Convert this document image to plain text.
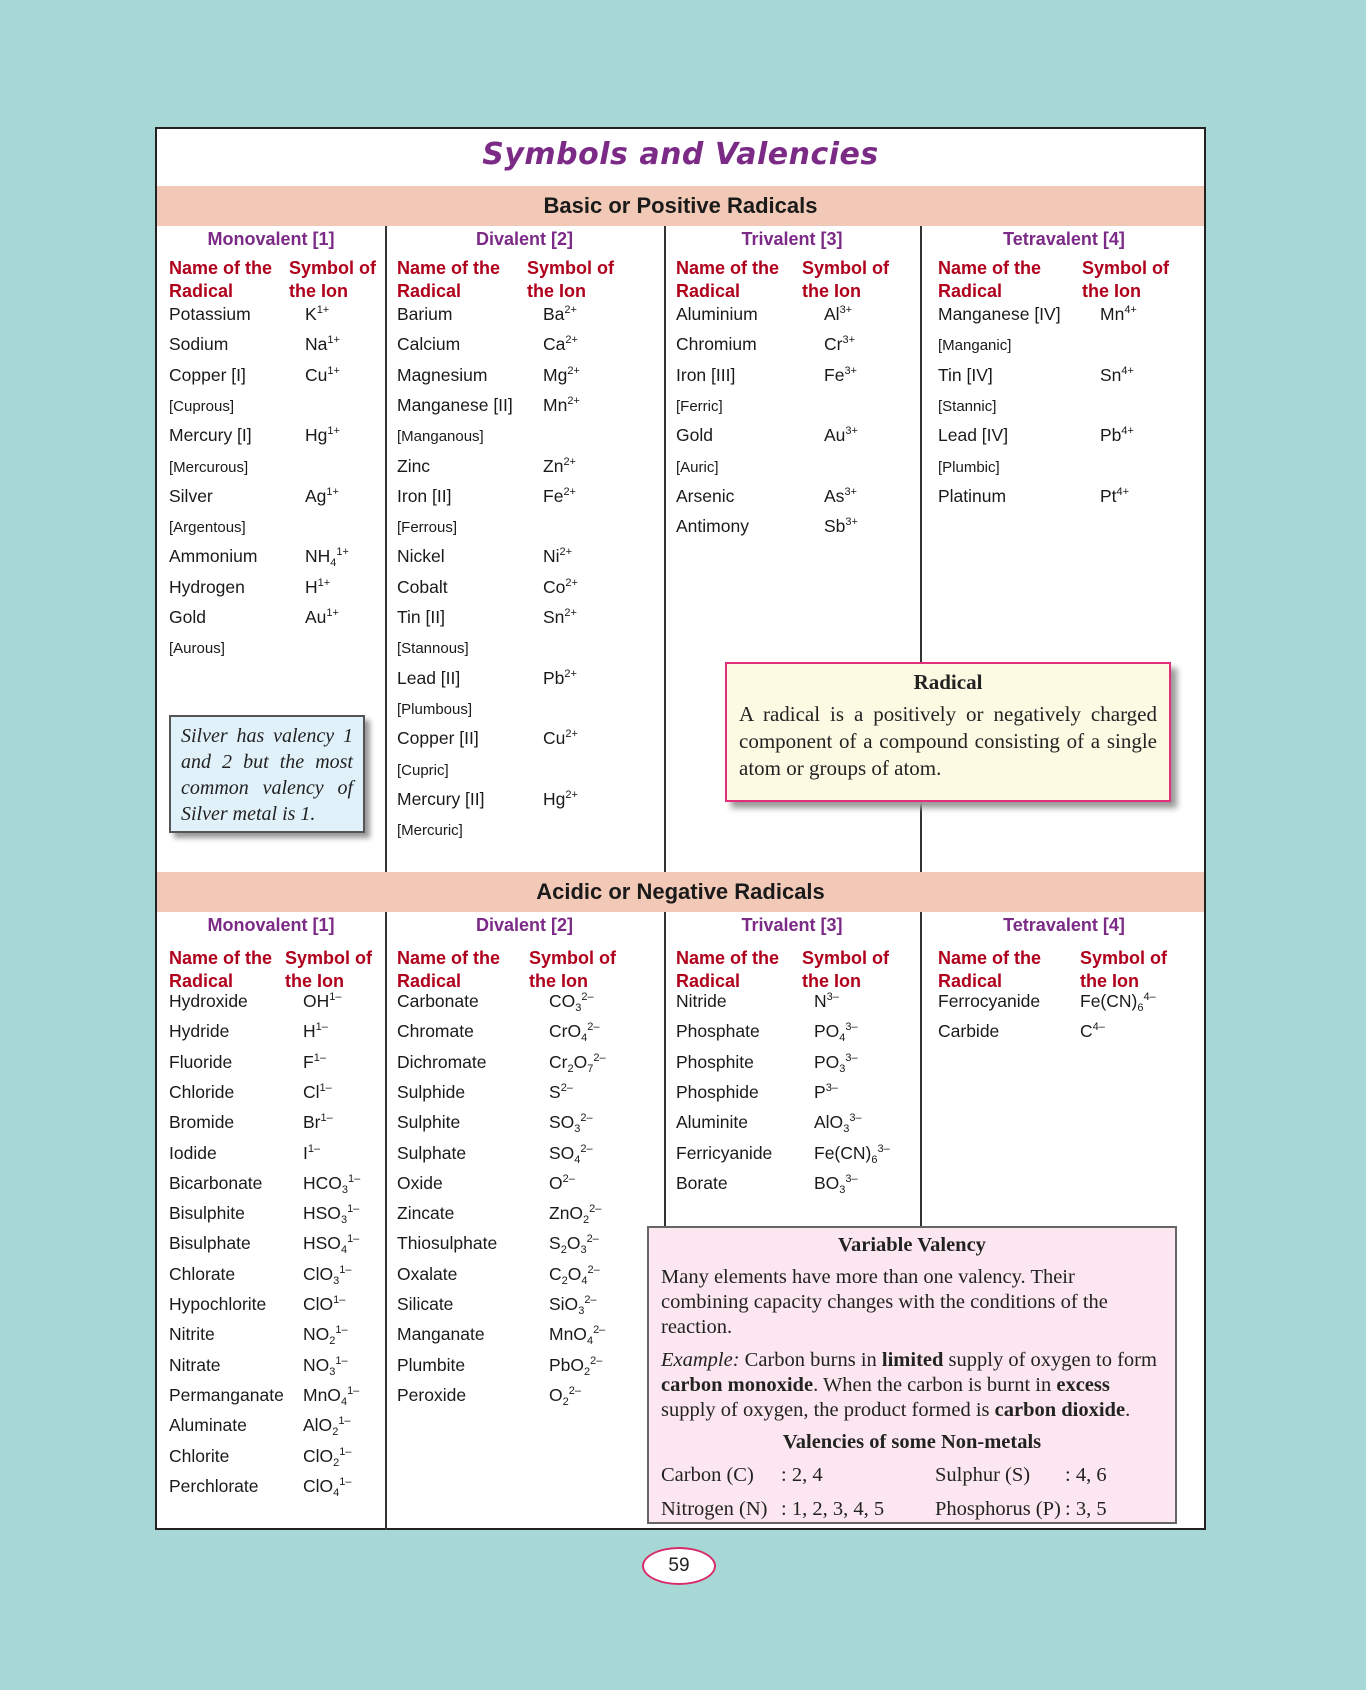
Symbols and Valencies
Basic or Positive Radicals
Acidic or Negative Radicals
Monovalent [1]
Name of the Radical
Symbol of the Ion
Potassium	$K^{1+}$
Sodium	$Na^{1+}$
Copper [I]	$Cu^{1+}$
[Cuprous]
Mercury [I]	$Hg^{1+}$
[Mercurous]
Silver	$Ag^{1+}$
[Argentous]
Ammonium	$NH_4^{1+}$
Hydrogen	$H^{1+}$
Gold	$Au^{1+}$
[Aurous]
Divalent [2]
Name of the Radical
Symbol of the Ion
Barium	$Ba^{2+}$
Calcium	$Ca^{2+}$
Magnesium	$Mg^{2+}$
Manganese [II] $Mn^{2+}$
[Manganous]
Zinc	$Zn^{2+}$
Iron [II]	$Fe^{2+}$
[Ferrous]
Nickel	$Ni^{2+}$
Cobalt	$Co^{2+}$
Tin [II]	$Sn^{2+}$
[Stannous]
Lead [II]	$Pb^{2+}$
[Plumbous]
Copper [II]	$Cu^{2+}$
[Cupric]
Mercury [II]	$Hg^{2+}$
[Mercuric]
Trivalent [3]
Name of the Radical
Symbol of the Ion
Aluminium	$Al^{3+}$
Chromium	$Cr^{3+}$
Iron [III]	$Fe^{3+}$
[Ferric]
Gold	$Au^{3+}$
[Auric]
Arsenic	$As^{3+}$
Antimony	$Sb^{3+}$
Tetravalent [4]
Name of the Radical
Symbol of the Ion
Manganese [IV] $Mn^{4+}$
[Manganic]
Tin [IV]	$Sn^{4+}$
[Stannic]
Lead [IV]	$Pb^{4+}$
[Plumbic]
Platinum	$Pt^{4+}$
Monovalent [1]
Name of the Radical
Symbol of the Ion
Hydroxide	$OH^{1-}$
Hydride	$H^{1-}$
Fluoride	$F^{1-}$
Chloride	$Cl^{1-}$
Bromide	$Br^{1-}$
Iodide	$I^{1-}$
Bicarbonate $HCO_3^{1-}$
Bisulphite	$HSO_3^{1-}$
Bisulphate	$HSO_4^{1-}$
Chlorate	ClO$_3^{1-}$
Hypochlorite ClO$^{1-}$
Nitrite	$NO_2^{1-}$
Nitrate	$NO_3^{1-}$
Permanganate MnO$_4^{1-}$
Aluminate	AlO$_2^{1-}$
Chlorite	ClO$_2^{1-}$
Perchlorate	ClO$_4^{1-}$
Divalent [2]
Name of the Radical
Symbol of the Ion
Carbonate	$CO_3^{2-}$
Chromate	CrO$_4^{2-}$
Dichromate	$Cr_2O_7^{2-}$
Sulphide	$S^{2-}$
Sulphite	$SO_3^{2-}$
Sulphate	$SO_4^{2-}$
Oxide	$O^{2-}$
Zincate	ZnO$_2^{2-}$
Thiosulphate	$S_2O_3^{2-}$
Oxalate	$C_2O_4^{2-}$
Silicate	SiO$_3^{2-}$
Manganate	MnO$_4^{2-}$
Plumbite	PbO$_2^{2-}$
Peroxide	$O_2^{2-}$
Trivalent [3]
Name of the Radical
Symbol of the Ion
Nitride	$N^{3-}$
Phosphate	$PO_4^{3-}$
Phosphite	$PO_3^{3-}$
Phosphide	$P^{3-}$
Aluminite	AlO$_3^{3-}$
Ferricyanide $Fe(CN)_6^{3-}$
Borate	$BO_3^{3-}$
Tetravalent [4]
Name of the Radical
Symbol of the Ion
Ferrocyanide $Fe(CN)_6^{4-}$
Carbide	$C^{4-}$
Silver has valency 1 and 2 but the most common valency of Silver metal is 1.
Radical
A radical is a positively or negatively charged component of a compound consisting of a single atom or groups of atom.
Variable Valency

Many elements have more than one valency. Their combining capacity changes with the conditions of the reaction.

Example: Carbon burns in limited supply of oxygen to form carbon monoxide. When the carbon is burnt in excess supply of oxygen, the product formed is carbon dioxide.

Valencies of some Non-metals
Carbon (C) : 2, 4	Sulphur (S) : 4, 6
Nitrogen (N) : 1, 2, 3, 4, 5 Phosphorus (P) : 3, 5
59
